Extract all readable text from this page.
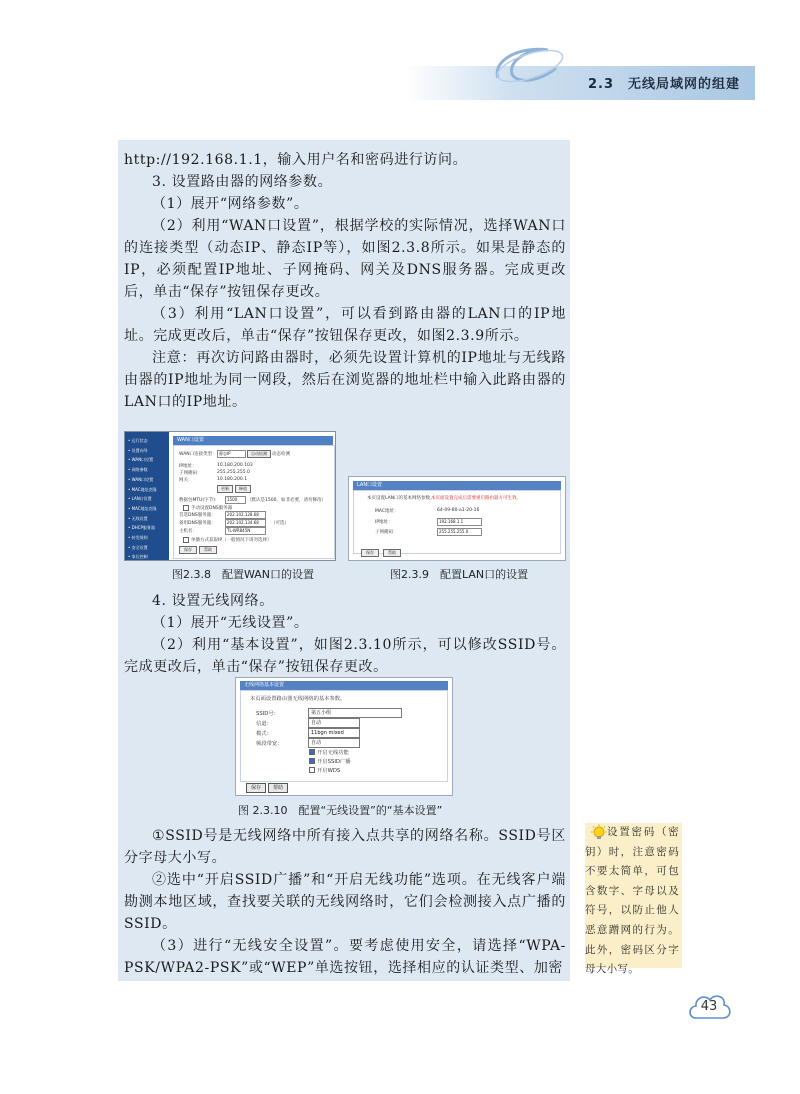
2.3　无线局域网的组建

http://192.168.1.1，输入用户名和密码进行访问。

3. 设置路由器的网络参数。

（1）展开“网络参数”。

（2）利用“WAN口设置”，根据学校的实际情况，选择WAN口的连接类型（动态IP、静态IP等），如图2.3.8所示。如果是静态的IP，必须配置IP地址、子网掩码、网关及DNS服务器。完成更改后，单击“保存”按钮保存更改。

（3）利用“LAN口设置”，可以看到路由器的LAN口的IP地址。完成更改后，单击“保存”按钮保存更改，如图2.3.9所示。

注意：再次访问路由器时，必须先设置计算机的IP地址与无线路由器的IP地址为同一网段，然后在浏览器的地址栏中输入此路由器的LAN口的IP地址。

• 运行状态
• 设置向导
• WAN口设置
• 网络参数
• WAN口设置
• MAC地址克隆
• LAN口设置
• MAC地址克隆
• 无线设置
• DHCP服务器
• 转发规则
• 安全设置
• 家长控制
WAN口设置
WAN口连接类型： 静态IP	自动检测	动态检测
IP地址：	10.180.200.103
子网掩码：	255.255.255.0
网关：	10.180.200.1
更新	释放
数据包MTU(字节)：	1500	（默认是1500，如非必要，请勿修改）
手动设置DNS服务器
首选DNS服务器：	202.102.128.68
备用DNS服务器：	202.102.134.68	（可选）
主机名：	TL-WR845N
单播方式获取IP（一般情况下请勿选择）
保存	帮助
图2.3.8　配置WAN口的设置
LAN口设置
本页设置LAN口的基本网络参数。
本页面设置完成后需要重启路由器方可生效。
MAC地址：	64-09-80-a1-20-16
IP地址：	192.168.1.1
子网掩码：	255.255.255.0
保存	帮助
图2.3.9　配置LAN口的设置

4. 设置无线网络。

（1）展开“无线设置”。

（2）利用“基本设置”，如图2.3.10所示，可以修改SSID号。完成更改后，单击“保存”按钮保存更改。

无线网络基本设置
本页面设置路由器无线网络的基本参数。
SSID号：	第五小组
信道：	自动
模式：	11bgn mixed
频段带宽：	自动
开启无线功能
开启SSID广播
开启WDS
保存	帮助
图 2.3.10　配置“无线设置”的“基本设置”

①SSID号是无线网络中所有接入点共享的网络名称。SSID号区分字母大小写。

②选中“开启SSID广播”和“开启无线功能”选项。在无线客户端勘测本地区域，查找要关联的无线网络时，它们会检测接入点广播的SSID。

（3）进行“无线安全设置”。要考虑使用安全，请选择“WPA-PSK/WPA2-PSK”或“WEP”单选按钮，选择相应的认证类型、加密

设置密码（密钥）时，注意密码不要太简单，可包含数字、字母以及符号，以防止他人恶意蹭网的行为。此外，密码区分字母大小写。

43
